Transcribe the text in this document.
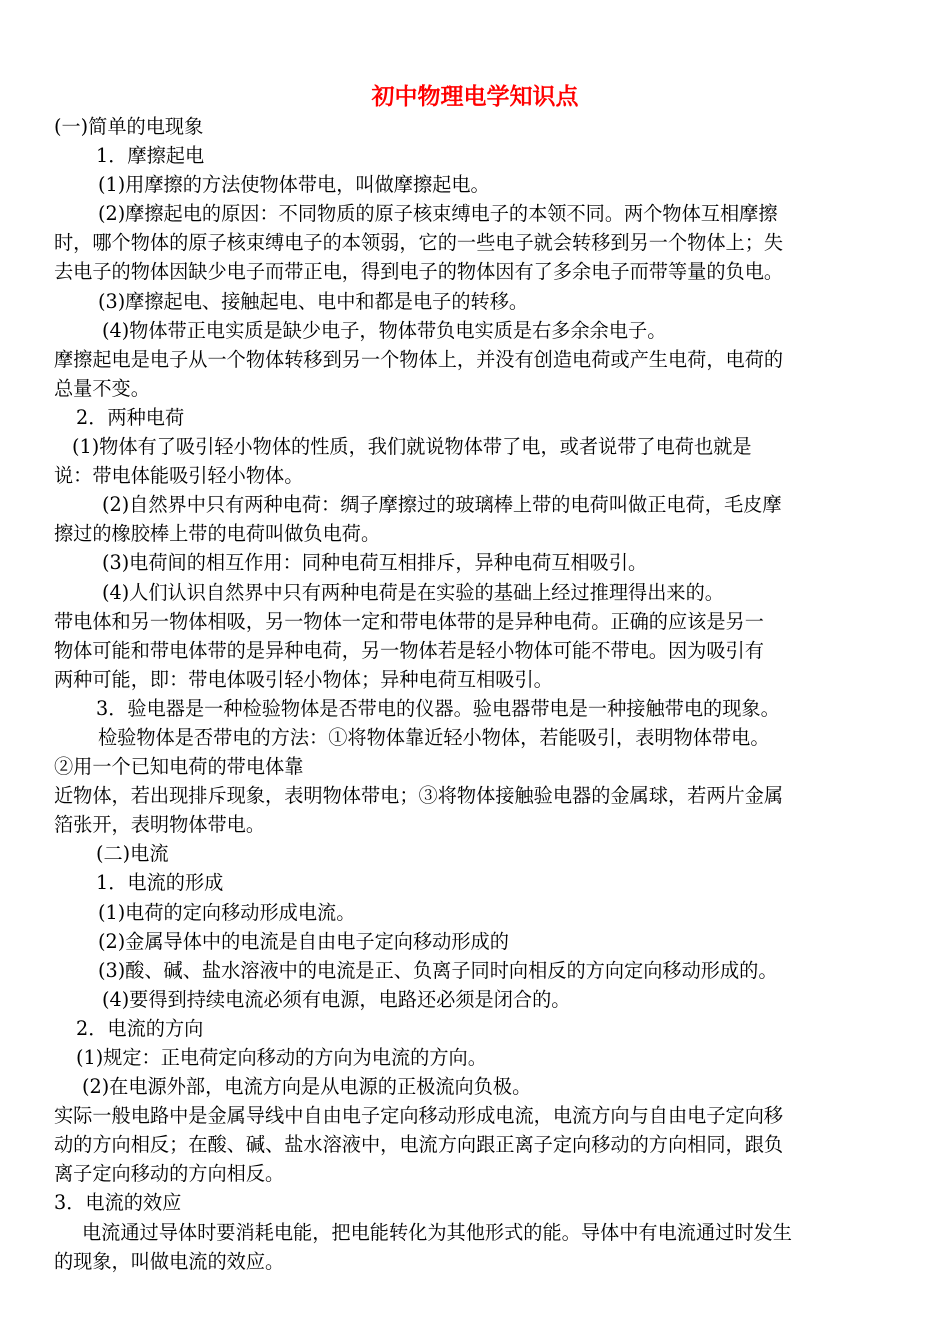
初中物理电学知识点
(一)简单的电现象
1．摩擦起电
(1)用摩擦的方法使物体带电，叫做摩擦起电。
(2)摩擦起电的原因：不同物质的原子核束缚电子的本领不同。两个物体互相摩擦
时，哪个物体的原子核束缚电子的本领弱，它的一些电子就会转移到另一个物体上；失
去电子的物体因缺少电子而带正电，得到电子的物体因有了多余电子而带等量的负电。
(3)摩擦起电、接触起电、电中和都是电子的转移。
(4)物体带正电实质是缺少电子，物体带负电实质是右多余余电子。
摩擦起电是电子从一个物体转移到另一个物体上，并没有创造电荷或产生电荷，电荷的
总量不变。
2．两种电荷
(1)物体有了吸引轻小物体的性质，我们就说物体带了电，或者说带了电荷也就是
说：带电体能吸引轻小物体。
(2)自然界中只有两种电荷：绸子摩擦过的玻璃棒上带的电荷叫做正电荷，毛皮摩
擦过的橡胶棒上带的电荷叫做负电荷。
(3)电荷间的相互作用：同种电荷互相排斥，异种电荷互相吸引。
(4)人们认识自然界中只有两种电荷是在实验的基础上经过推理得出来的。
带电体和另一物体相吸，另一物体一定和带电体带的是异种电荷。正确的应该是另一
物体可能和带电体带的是异种电荷，另一物体若是轻小物体可能不带电。因为吸引有
两种可能，即：带电体吸引轻小物体；异种电荷互相吸引。
3．验电器是一种检验物体是否带电的仪器。验电器带电是一种接触带电的现象。
检验物体是否带电的方法：①将物体靠近轻小物体，若能吸引，表明物体带电。
②用一个已知电荷的带电体靠
近物体，若出现排斥现象，表明物体带电；③将物体接触验电器的金属球，若两片金属
箔张开，表明物体带电。
(二)电流
1．电流的形成
(1)电荷的定向移动形成电流。
(2)金属导体中的电流是自由电子定向移动形成的
(3)酸、碱、盐水溶液中的电流是正、负离子同时向相反的方向定向移动形成的。
(4)要得到持续电流必须有电源，电路还必须是闭合的。
2．电流的方向
(1)规定：正电荷定向移动的方向为电流的方向。
(2)在电源外部，电流方向是从电源的正极流向负极。
实际一般电路中是金属导线中自由电子定向移动形成电流，电流方向与自由电子定向移
动的方向相反；在酸、碱、盐水溶液中，电流方向跟正离子定向移动的方向相同，跟负
离子定向移动的方向相反。
3．电流的效应
电流通过导体时要消耗电能，把电能转化为其他形式的能。导体中有电流通过时发生
的现象，叫做电流的效应。
